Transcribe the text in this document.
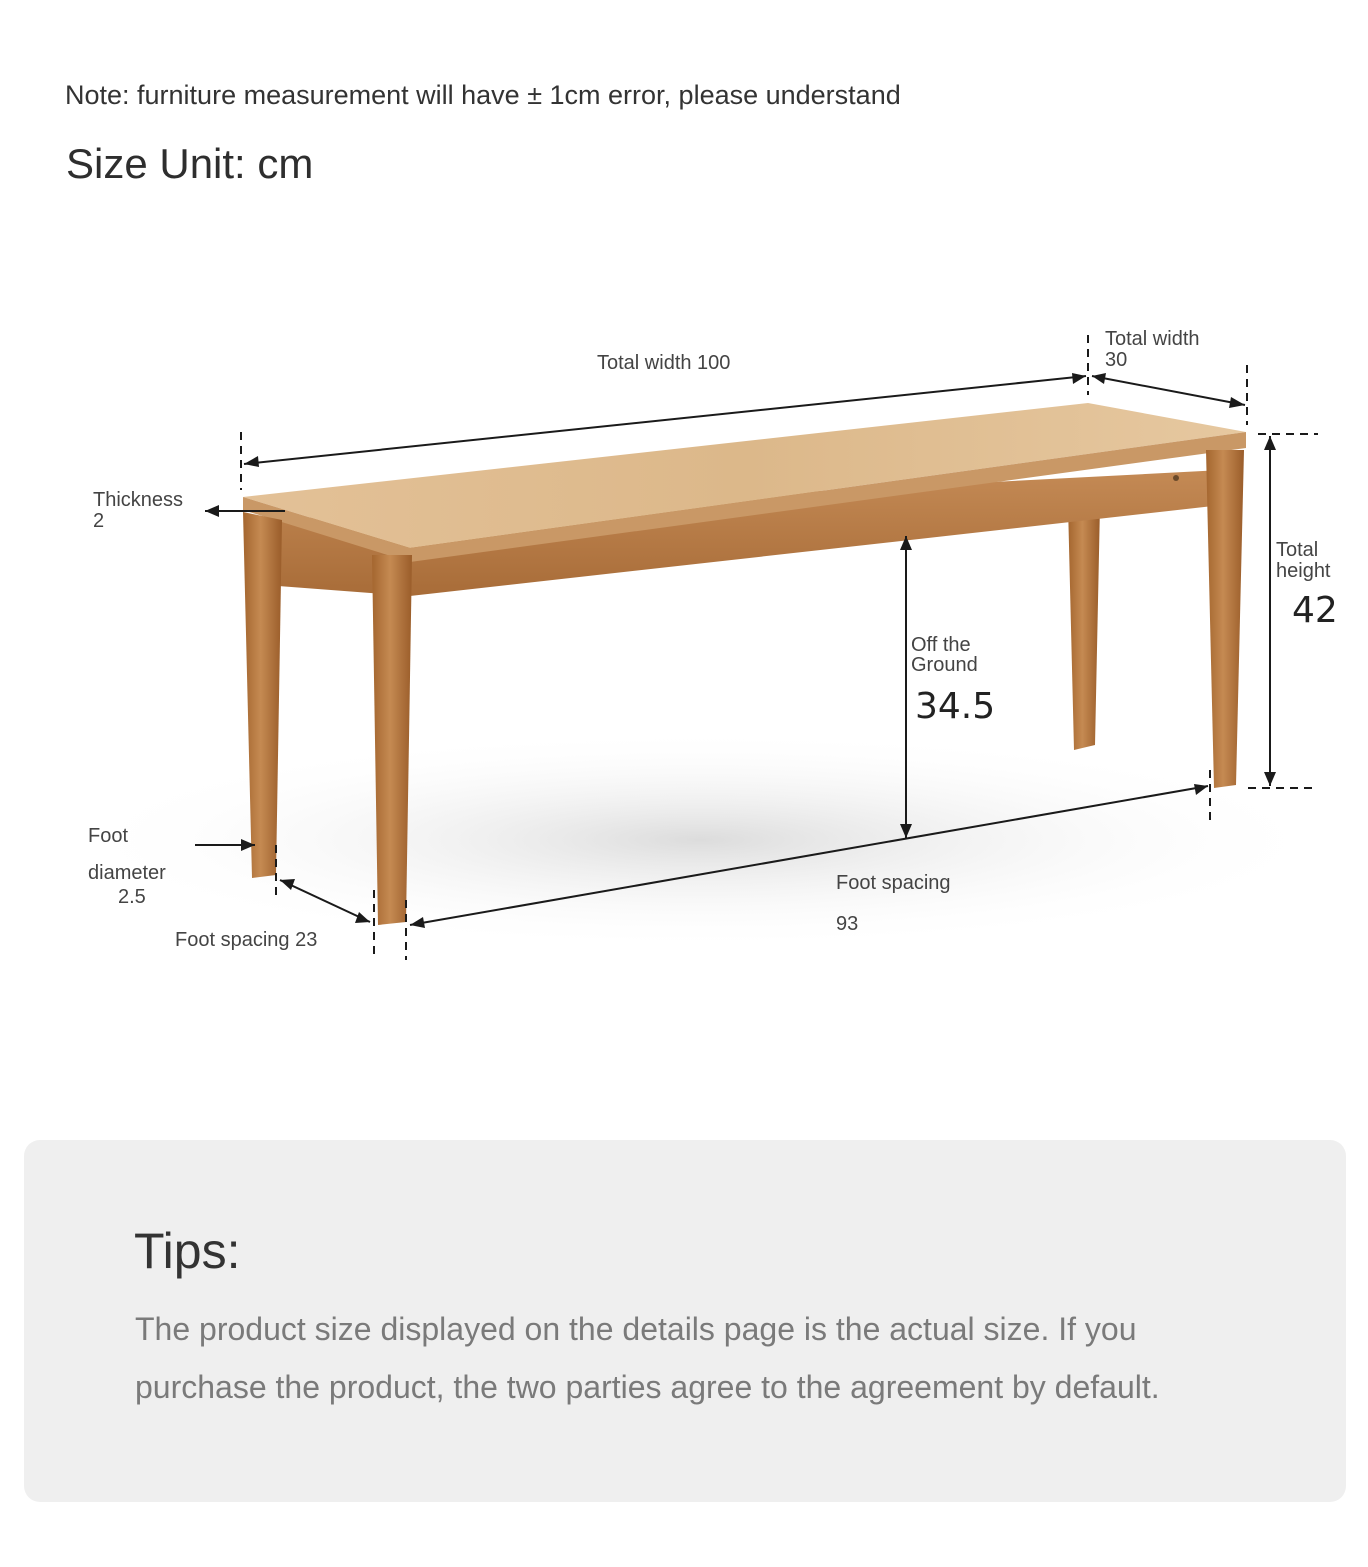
Note: furniture measurement will have ± 1cm error, please understand
Size Unit: cm
Total width 100
Total width
30
Thickness
2
Total
height
42
Off the
Ground
34.5
Foot
diameter
2.5
Foot spacing 23
Foot spacing
93
Tips:
The product size displayed on the details page is the actual size. If you purchase the product, the two parties agree to the agreement by default.
